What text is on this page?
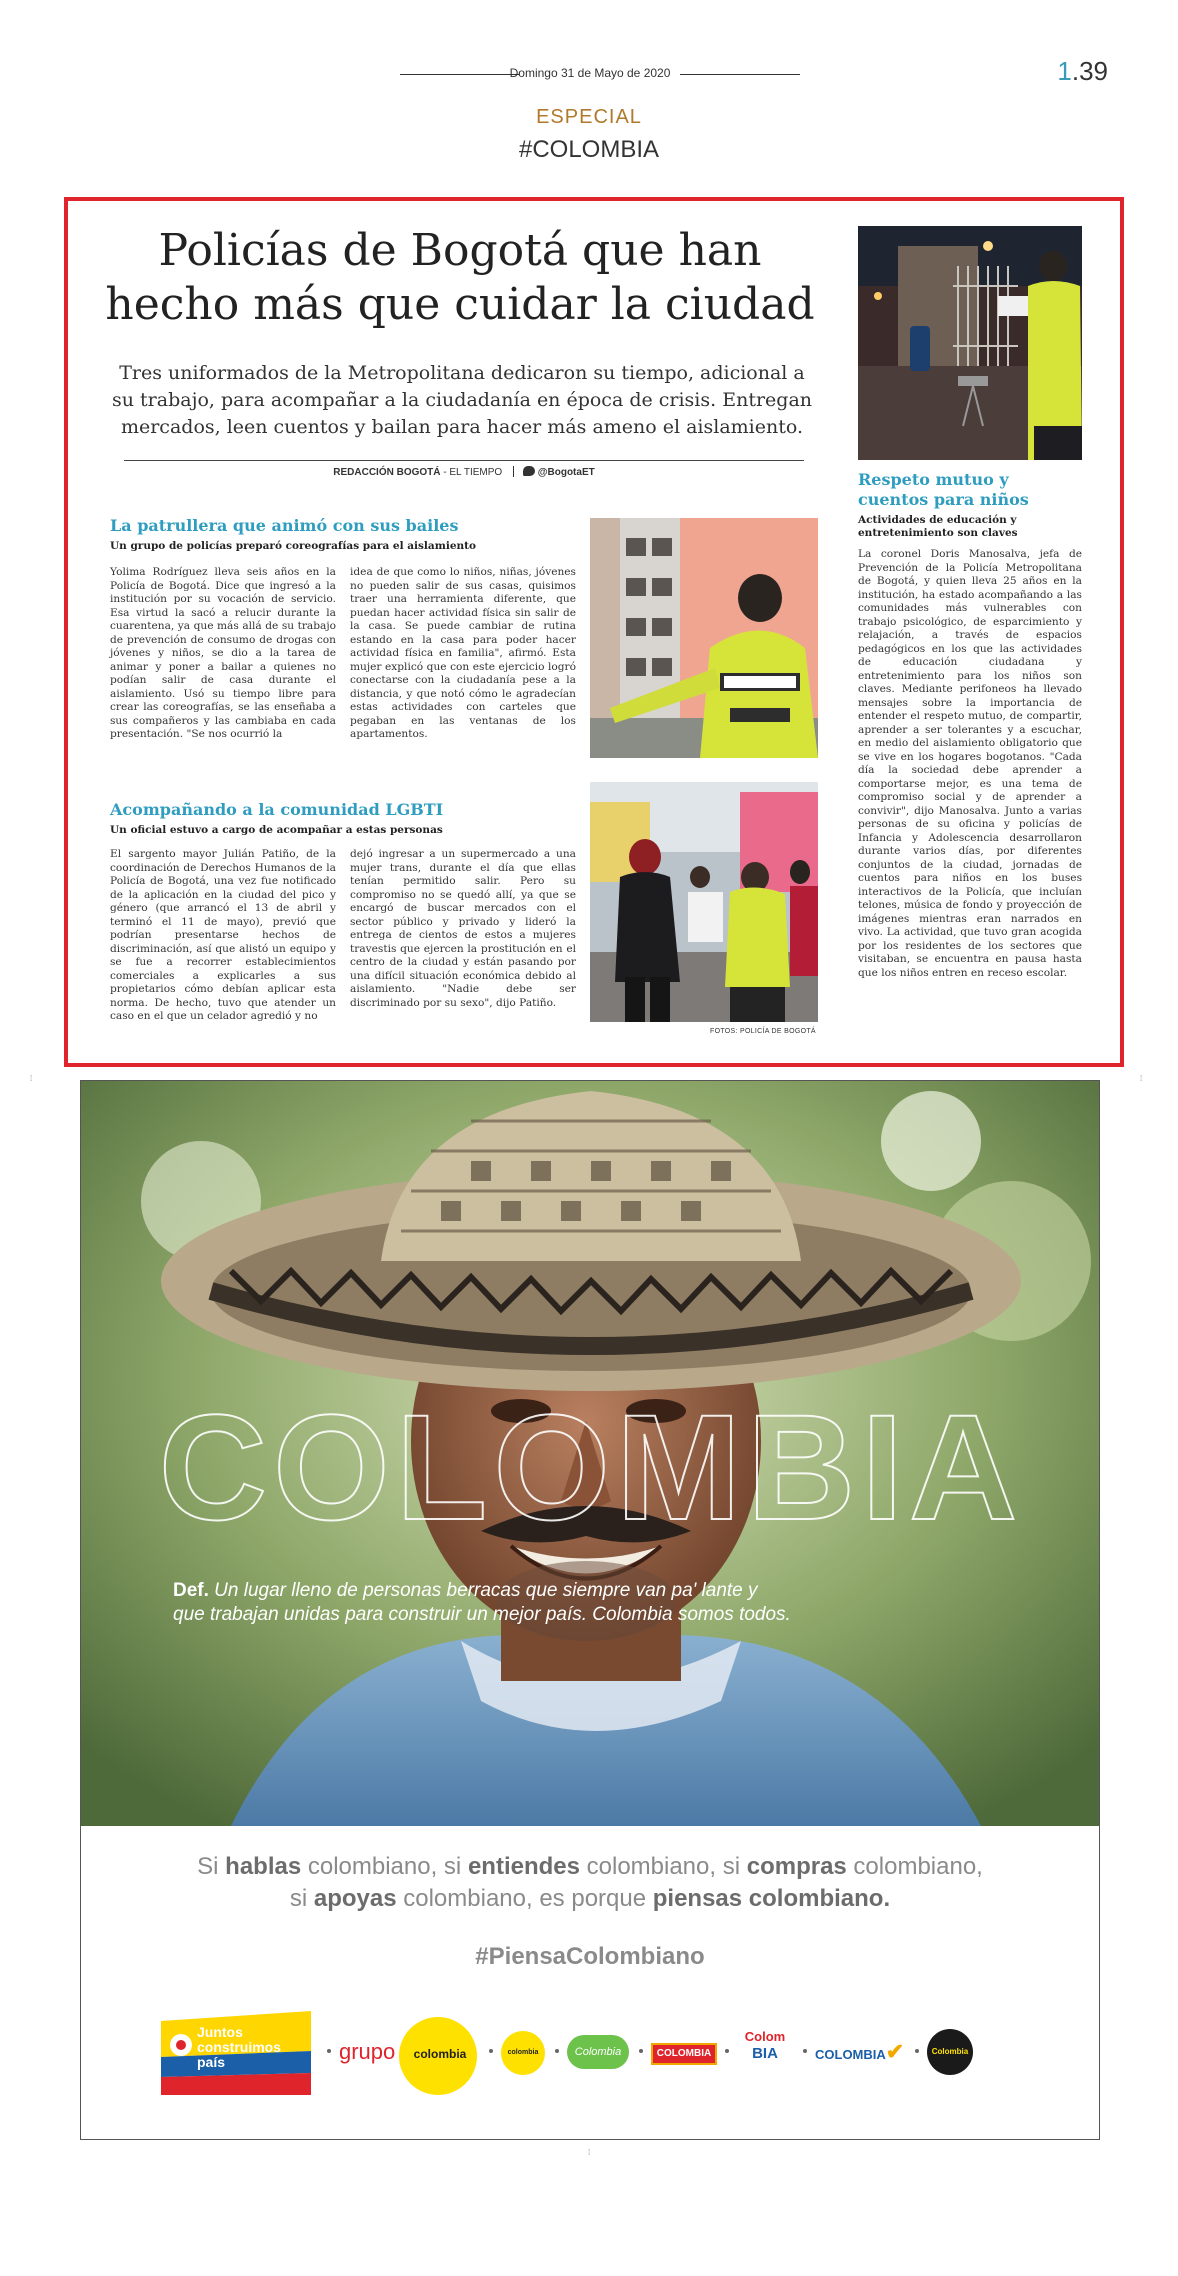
Domingo 31 de Mayo de 2020	1.39
ESPECIAL
#COLOMBIA
Policías de Bogotá que han
hecho más que cuidar la ciudad
Tres uniformados de la Metropolitana dedicaron su tiempo, adicional a su trabajo, para acompañar a la ciudadanía en época de crisis. Entregan mercados, leen cuentos y bailan para hacer más ameno el aislamiento.
REDACCIÓN BOGOTÁ - EL TIEMPO	@BogotaET
La patrullera que animó con sus bailes
Un grupo de policías preparó coreografías para el aislamiento
Yolima Rodríguez lleva seis años en la Policía de Bogotá. Dice que ingresó a la institución por su vocación de servicio. Esa virtud la sacó a relucir durante la cuarentena, ya que más allá de su trabajo de prevención de consumo de drogas con jóvenes y niños, se dio a la tarea de animar y poner a bailar a quienes no podían salir de casa durante el aislamiento. Usó su tiempo libre para crear las coreografías, se las enseñaba a sus compañeros y las cambiaba en cada presentación. "Se nos ocurrió la
idea de que como lo niños, niñas, jóvenes no pueden salir de sus casas, quisimos traer una herramienta diferente, que puedan hacer actividad física sin salir de la casa. Se puede cambiar de rutina estando en la casa para poder hacer actividad física en familia", afirmó. Esta mujer explicó que con este ejercicio logró conectarse con la ciudadanía pese a la distancia, y que notó cómo le agradecían estas actividades con carteles que pegaban en las ventanas de los apartamentos.
Acompañando a la comunidad LGBTI
Un oficial estuvo a cargo de acompañar a estas personas
El sargento mayor Julián Patiño, de la coordinación de Derechos Humanos de la Policía de Bogotá, una vez fue notificado de la aplicación en la ciudad del pico y género (que arrancó el 13 de abril y terminó el 11 de mayo), previó que podrían presentarse hechos de discriminación, así que alistó un equipo y se fue a recorrer establecimientos comerciales a explicarles a sus propietarios cómo debían aplicar esta norma. De hecho, tuvo que atender un caso en el que un celador agredió y no
dejó ingresar a un supermercado a una mujer trans, durante el día que ellas tenían permitido salir. Pero su compromiso no se quedó allí, ya que se encargó de buscar mercados con el sector público y privado y lideró la entrega de cientos de estos a mujeres travestis que ejercen la prostitución en el centro de la ciudad y están pasando por una difícil situación económica debido al aislamiento. "Nadie debe ser discriminado por su sexo", dijo Patiño.
FOTOS: POLICÍA DE BOGOTÁ
Respeto mutuo y cuentos para niños
Actividades de educación y entretenimiento son claves
La coronel Doris Manosalva, jefa de Prevención de la Policía Metropolitana de Bogotá, y quien lleva 25 años en la institución, ha estado acompañando a las comunidades más vulnerables con trabajo psicológico, de esparcimiento y relajación, a través de espacios pedagógicos en los que las actividades de educación ciudadana y entretenimiento para los niños son claves. Mediante perifoneos ha llevado mensajes sobre la importancia de entender el respeto mutuo, de compartir, aprender a ser tolerantes y a escuchar, en medio del aislamiento obligatorio que se vive en los hogares bogotanos. "Cada día la sociedad debe aprender a comportarse mejor, es una tema de compromiso social y de aprender a convivir", dijo Manosalva. Junto a varias personas de su oficina y policías de Infancia y Adolescencia desarrollaron durante varios días, por diferentes conjuntos de la ciudad, jornadas de cuentos para niños en los buses interactivos de la Policía, que incluían telones, música de fondo y proyección de imágenes mientras eran narrados en vivo. La actividad, que tuvo gran acogida por los residentes de los sectores que visitaban, se encuentra en pausa hasta que los niños entren en receso escolar.
⁞	⁞
⁞
COLOMBIA
Def. Un lugar lleno de personas berracas que siempre van pa' lante y que trabajan unidas para construir un mejor país. Colombia somos todos.
Si hablas colombiano, si entiendes colombiano, si compras colombiano,
si apoyas colombiano, es porque piensas colombiano.
#PiensaColombiano
Juntos construimos país	grupo	colombia	colombia	Colombia	COLOMBIA
Colom
BIA	COLOMBIA✔	Colombia
